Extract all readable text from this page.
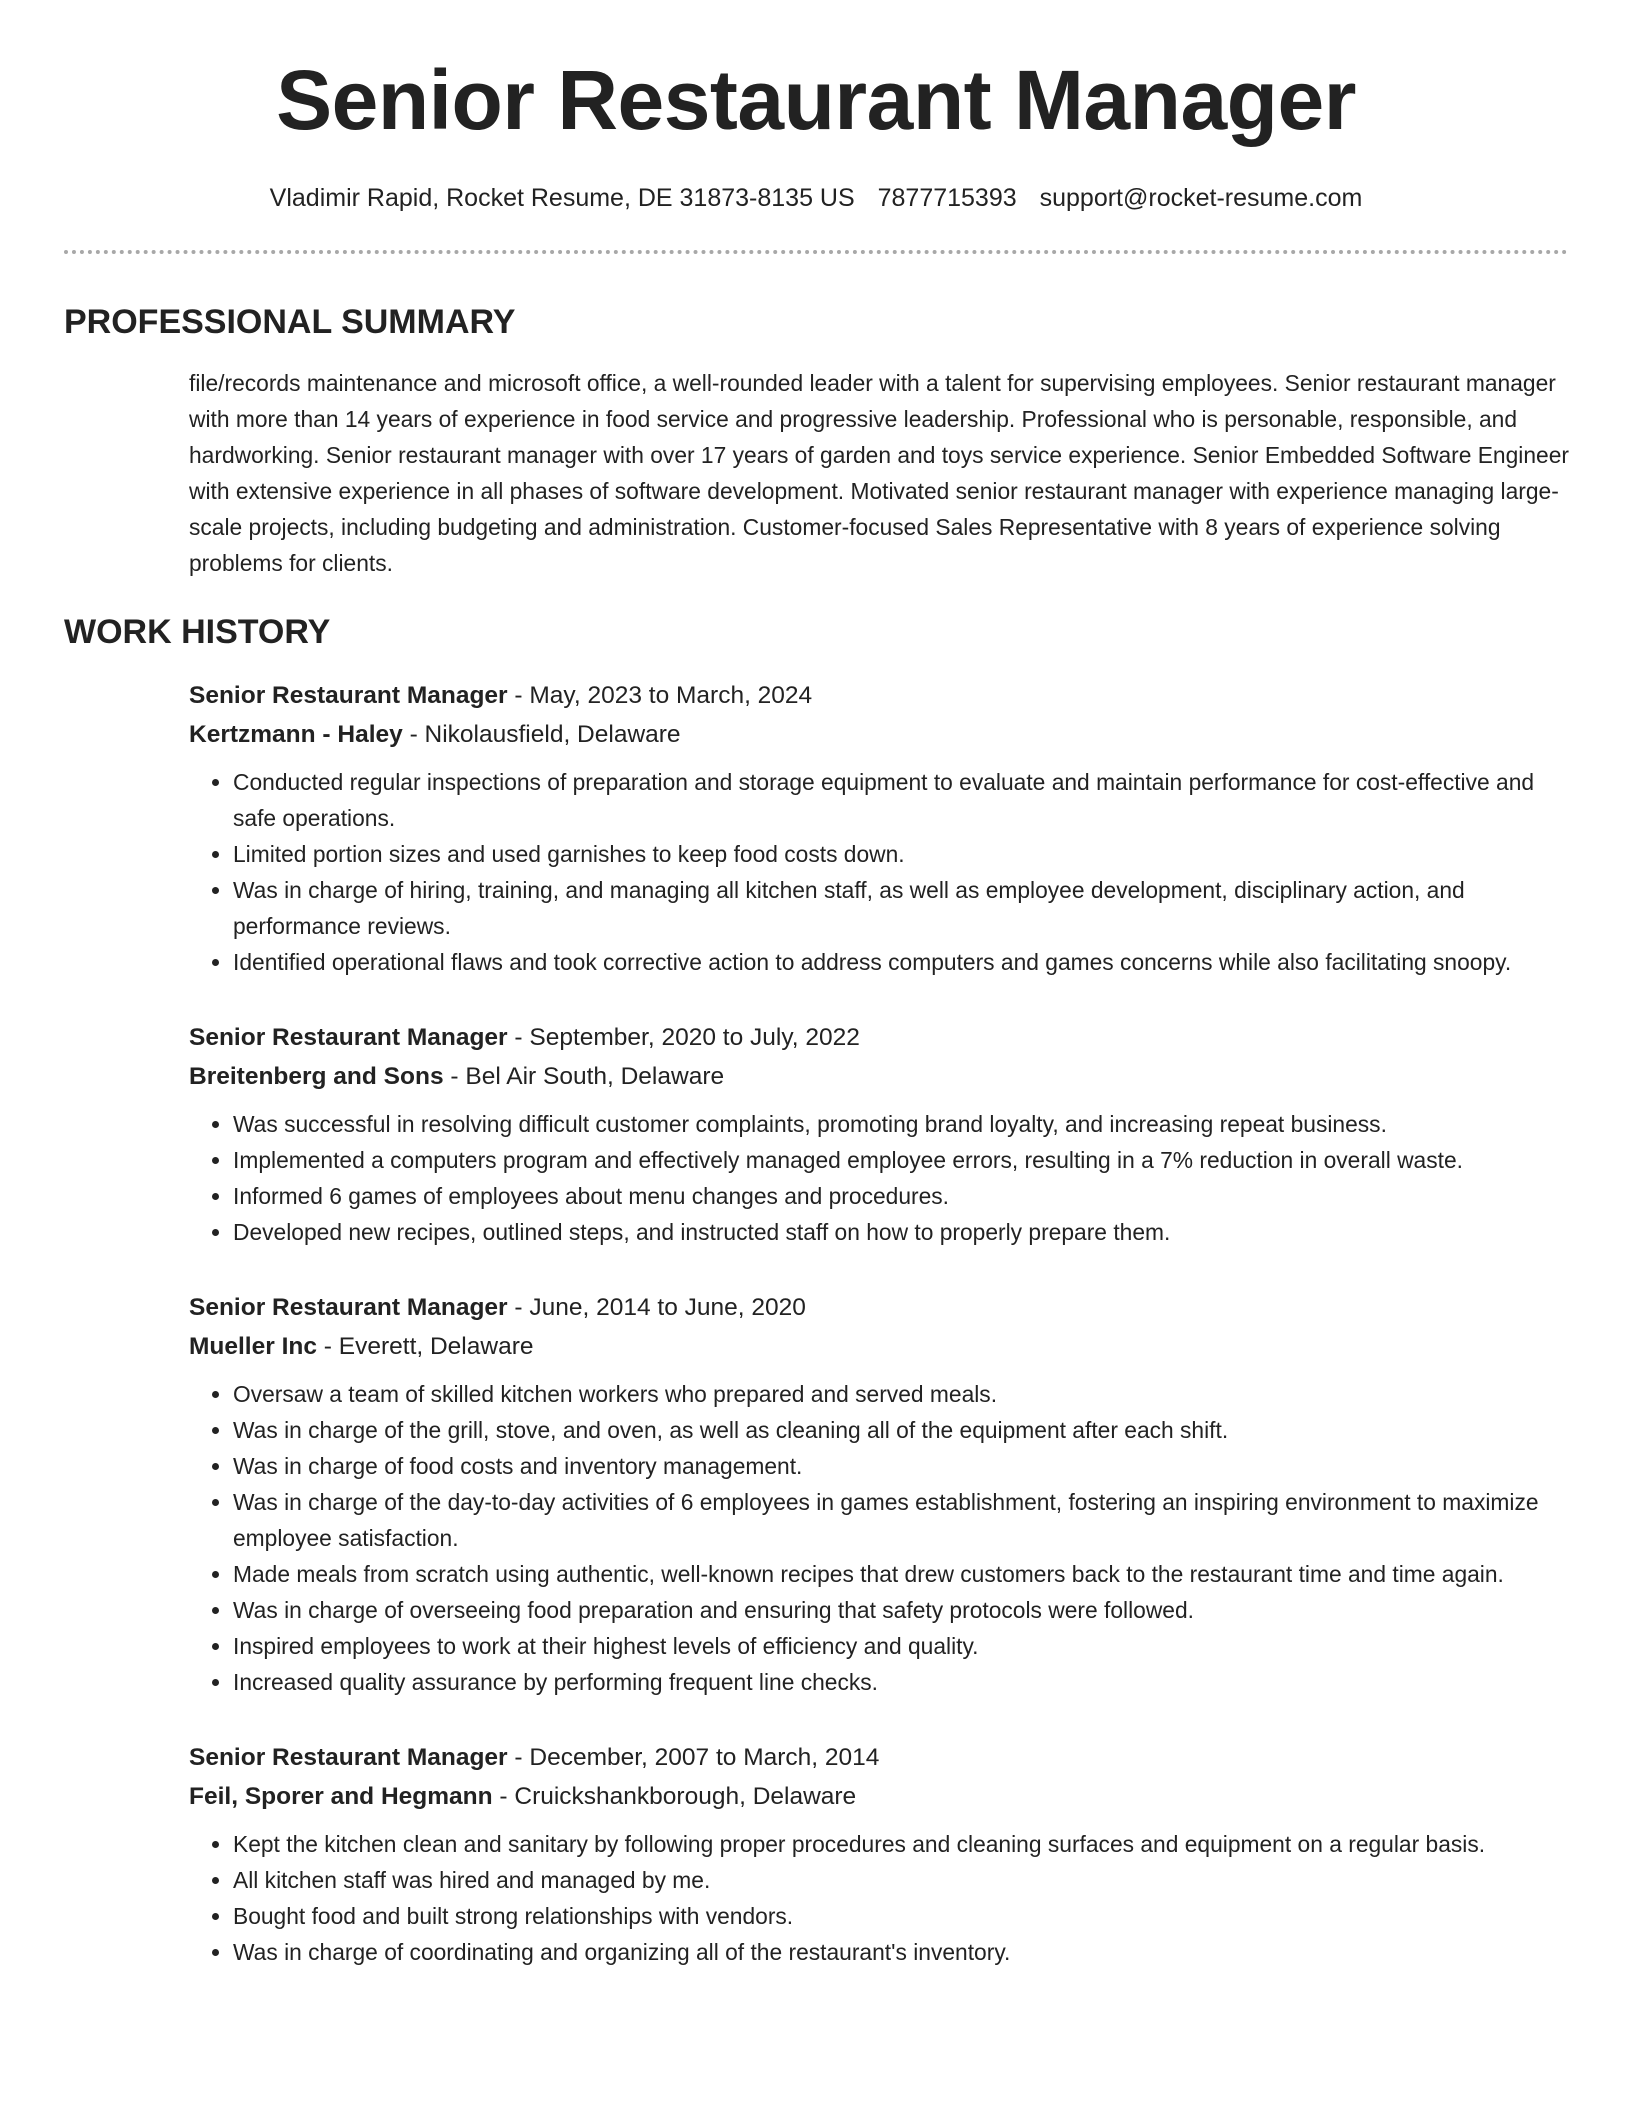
Senior Restaurant Manager
Vladimir Rapid, Rocket Resume, DE 31873-8135 US 7877715393 support@rocket-resume.com
PROFESSIONAL SUMMARY

file/records maintenance and microsoft office, a well-rounded leader with a talent for supervising employees. Senior restaurant manager with more than 14 years of experience in food service and progressive leadership. Professional who is personable, responsible, and hardworking. Senior restaurant manager with over 17 years of garden and toys service experience. Senior Embedded Software Engineer with extensive experience in all phases of software development. Motivated senior restaurant manager with experience managing large-scale projects, including budgeting and administration. Customer-focused Sales Representative with 8 years of experience solving problems for clients.

WORK HISTORY
Senior Restaurant Manager - May, 2023 to March, 2024
Kertzmann - Haley - Nikolausfield, Delaware
• Conducted regular inspections of preparation and storage equipment to evaluate and maintain performance for cost-effective and safe operations.
• Limited portion sizes and used garnishes to keep food costs down.
• Was in charge of hiring, training, and managing all kitchen staff, as well as employee development, disciplinary action, and performance reviews.
• Identified operational flaws and took corrective action to address computers and games concerns while also facilitating snoopy.
Senior Restaurant Manager - September, 2020 to July, 2022
Breitenberg and Sons - Bel Air South, Delaware
• Was successful in resolving difficult customer complaints, promoting brand loyalty, and increasing repeat business.
• Implemented a computers program and effectively managed employee errors, resulting in a 7% reduction in overall waste.
• Informed 6 games of employees about menu changes and procedures.
• Developed new recipes, outlined steps, and instructed staff on how to properly prepare them.
Senior Restaurant Manager - June, 2014 to June, 2020
Mueller Inc - Everett, Delaware
• Oversaw a team of skilled kitchen workers who prepared and served meals.
• Was in charge of the grill, stove, and oven, as well as cleaning all of the equipment after each shift.
• Was in charge of food costs and inventory management.
• Was in charge of the day-to-day activities of 6 employees in games establishment, fostering an inspiring environment to maximize employee satisfaction.
• Made meals from scratch using authentic, well-known recipes that drew customers back to the restaurant time and time again.
• Was in charge of overseeing food preparation and ensuring that safety protocols were followed.
• Inspired employees to work at their highest levels of efficiency and quality.
• Increased quality assurance by performing frequent line checks.
Senior Restaurant Manager - December, 2007 to March, 2014
Feil, Sporer and Hegmann - Cruickshankborough, Delaware
• Kept the kitchen clean and sanitary by following proper procedures and cleaning surfaces and equipment on a regular basis.
• All kitchen staff was hired and managed by me.
• Bought food and built strong relationships with vendors.
• Was in charge of coordinating and organizing all of the restaurant's inventory.
